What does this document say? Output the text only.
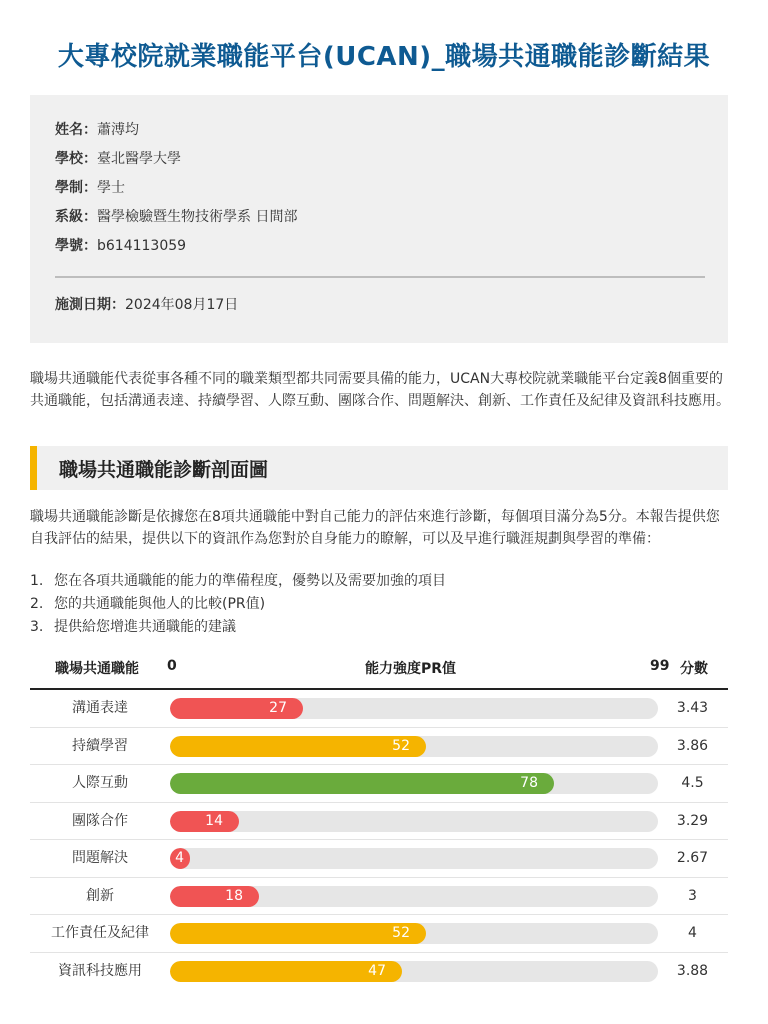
大專校院就業職能平台(UCAN)_職場共通職能診斷結果
姓名：蕭溥均
學校：臺北醫學大學
學制：學士
系級：醫學檢驗暨生物技術學系 日間部
學號：b614113059
施測日期：2024年08月17日
職場共通職能代表從事各種不同的職業類型都共同需要具備的能力，UCAN大專校院就業職能平台定義8個重要的共通職能，包括溝通表達、持續學習、人際互動、團隊合作、問題解決、創新、工作責任及紀律及資訊科技應用。
職場共通職能診斷剖面圖
職場共通職能診斷是依據您在8項共通職能中對自己能力的評估來進行診斷，每個項目滿分為5分。本報告提供您自我評估的結果，提供以下的資訊作為您對於自身能力的瞭解，可以及早進行職涯規劃與學習的準備：
1. 您在各項共通職能的能力的準備程度，優勢以及需要加強的項目
2. 您的共通職能與他人的比較(PR值)
3. 提供給您增進共通職能的建議
職場共通職能 0	能力強度PR值	99 分數
溝通表達	27	3.43
持續學習	52	3.86
人際互動	78	4.5
團隊合作	14	3.29
問題解決	4	2.67
創新	18	3
工作責任及紀律	52	4
資訊科技應用	47	3.88
